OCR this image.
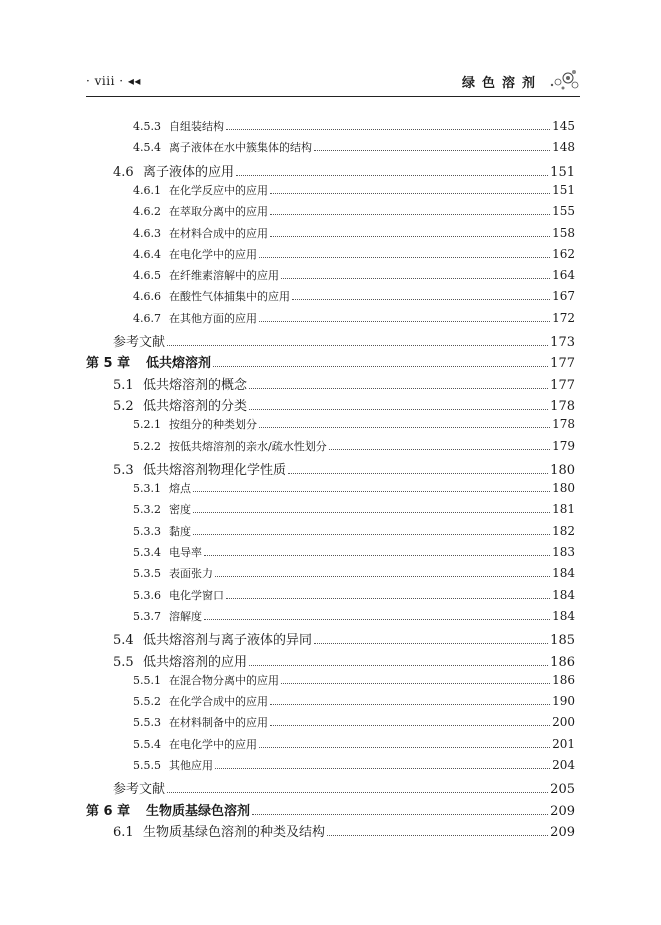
· viii · ◂◂	绿色溶剂
4.5.3 自组装结构	145
4.5.4 离子液体在水中簇集体的结构	148
4.6 离子液体的应用	151
4.6.1 在化学反应中的应用	151
4.6.2 在萃取分离中的应用	155
4.6.3 在材料合成中的应用	158
4.6.4 在电化学中的应用	162
4.6.5 在纤维素溶解中的应用	164
4.6.6 在酸性气体捕集中的应用	167
4.6.7 在其他方面的应用	172
参考文献	173
第 5 章	低共熔溶剂	177
5.1 低共熔溶剂的概念	177
5.2 低共熔溶剂的分类	178
5.2.1 按组分的种类划分	178
5.2.2 按低共熔溶剂的亲水/疏水性划分	179
5.3 低共熔溶剂物理化学性质	180
5.3.1 熔点	180
5.3.2 密度	181
5.3.3 黏度	182
5.3.4 电导率	183
5.3.5 表面张力	184
5.3.6 电化学窗口	184
5.3.7 溶解度	184
5.4 低共熔溶剂与离子液体的异同	185
5.5 低共熔溶剂的应用	186
5.5.1 在混合物分离中的应用	186
5.5.2 在化学合成中的应用	190
5.5.3 在材料制备中的应用	200
5.5.4 在电化学中的应用	201
5.5.5 其他应用	204
参考文献	205
第 6 章	生物质基绿色溶剂	209
6.1 生物质基绿色溶剂的种类及结构	209
